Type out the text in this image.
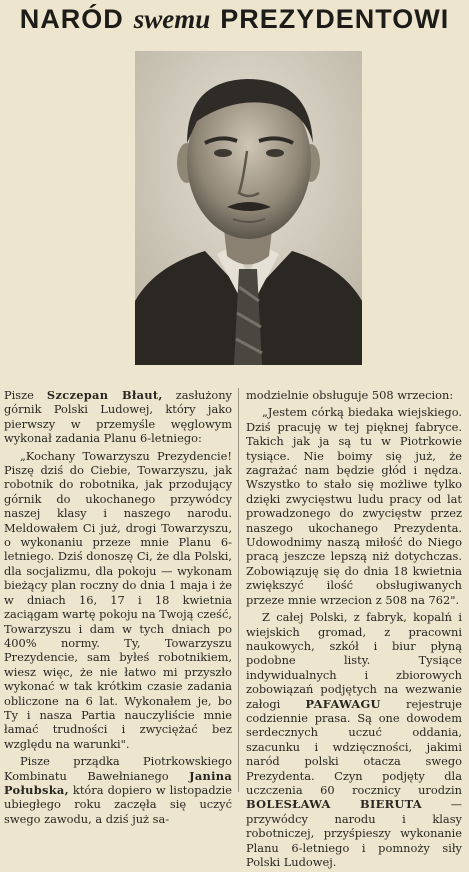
NARÓD swemu PREZYDENTOWI

Pisze Szczepan Błaut, zasłużony górnik Polski Ludowej, który jako pierwszy w przemyśle węglowym wykonał zadania Planu 6-letniego:

„Kochany Towarzyszu Prezydencie! Piszę dziś do Ciebie, Towarzyszu, jak robotnik do robotnika, jak przodujący górnik do ukochanego przywódcy naszej klasy i naszego narodu. Meldowałem Ci już, drogi Towarzyszu, o wykonaniu przeze mnie Planu 6-letniego. Dziś donoszę Ci, że dla Polski, dla socjalizmu, dla pokoju — wykonam bieżący plan roczny do dnia 1 maja i że w dniach 16, 17 i 18 kwietnia zaciągam wartę pokoju na Twoją cześć, Towarzyszu i dam w tych dniach po 400% normy. Ty, Towarzyszu Prezydencie, sam byłeś robotnikiem, wiesz więc, że nie łatwo mi przyszło wykonać w tak krótkim czasie zadania obliczone na 6 lat. Wykonałem je, bo Ty i nasza Partia nauczyliście mnie łamać trudności i zwyciężać bez względu na warunki".

Pisze prządka Piotrkowskiego Kombinatu Bawełnianego Janina Połubska, która dopiero w listopadzie ubiegłego roku zaczęła się uczyć swego zawodu, a dziś już sa-

modzielnie obsługuje 508 wrzecion:

„Jestem córką biedaka wiejskiego. Dziś pracuję w tej pięknej fabryce. Takich jak ja są tu w Piotrkowie tysiące. Nie boimy się już, że zagrażać nam będzie głód i nędza. Wszystko to stało się możliwe tylko dzięki zwycięstwu ludu pracy od lat prowadzonego do zwycięstw przez naszego ukochanego Prezydenta. Udowodnimy naszą miłość do Niego pracą jeszcze lepszą niż dotychczas. Zobowiązuję się do dnia 18 kwietnia zwiększyć ilość obsługiwanych przeze mnie wrzecion z 508 na 762".

Z całej Polski, z fabryk, kopalń i wiejskich gromad, z pracowni naukowych, szkół i biur płyną podobne listy. Tysiące indywidualnych i zbiorowych zobowiązań podjętych na wezwanie załogi PAFAWAGU rejestruje codziennie prasa. Są one dowodem serdecznych uczuć oddania, szacunku i wdzięczności, jakimi naród polski otacza swego Prezydenta. Czyn podjęty dla uczczenia 60 rocznicy urodzin BOLESŁAWA BIERUTA — przywódcy narodu i klasy robotniczej, przyśpieszy wykonanie Planu 6-letniego i pomnoży siły Polski Ludowej.
